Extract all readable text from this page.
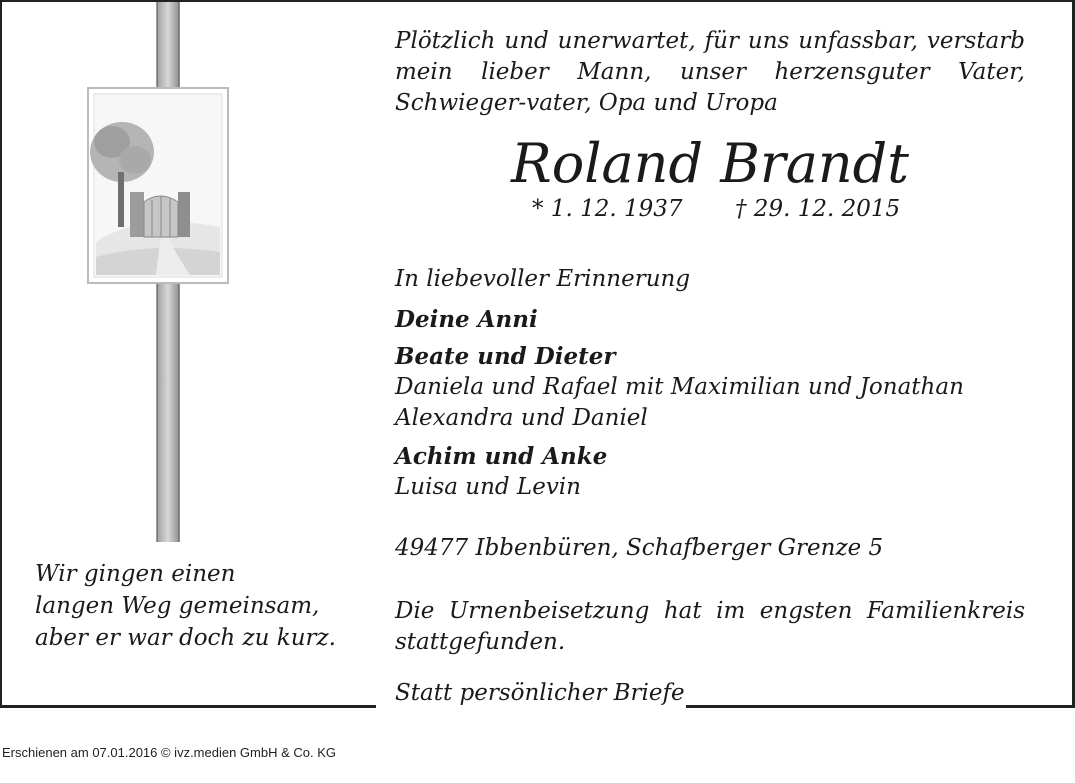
Plötzlich und unerwartet, für uns unfassbar, verstarb mein lieber Mann, unser herzensguter Vater, Schwieger-vater, Opa und Uropa
Roland Brandt
* 1. 12. 1937 † 29. 12. 2015
In liebevoller Erinnerung
Deine Anni
Beate und Dieter
Daniela und Rafael mit Maximilian und Jonathan
Alexandra und Daniel
Achim und Anke
Luisa und Levin
49477 Ibbenbüren, Schafberger Grenze 5
Die Urnenbeisetzung hat im engsten Familienkreis stattgefunden.
Wir gingen einen
langen Weg gemeinsam,
aber er war doch zu kurz.
Statt persönlicher Briefe
Erschienen am 07.01.2016 © ivz.medien GmbH & Co. KG
